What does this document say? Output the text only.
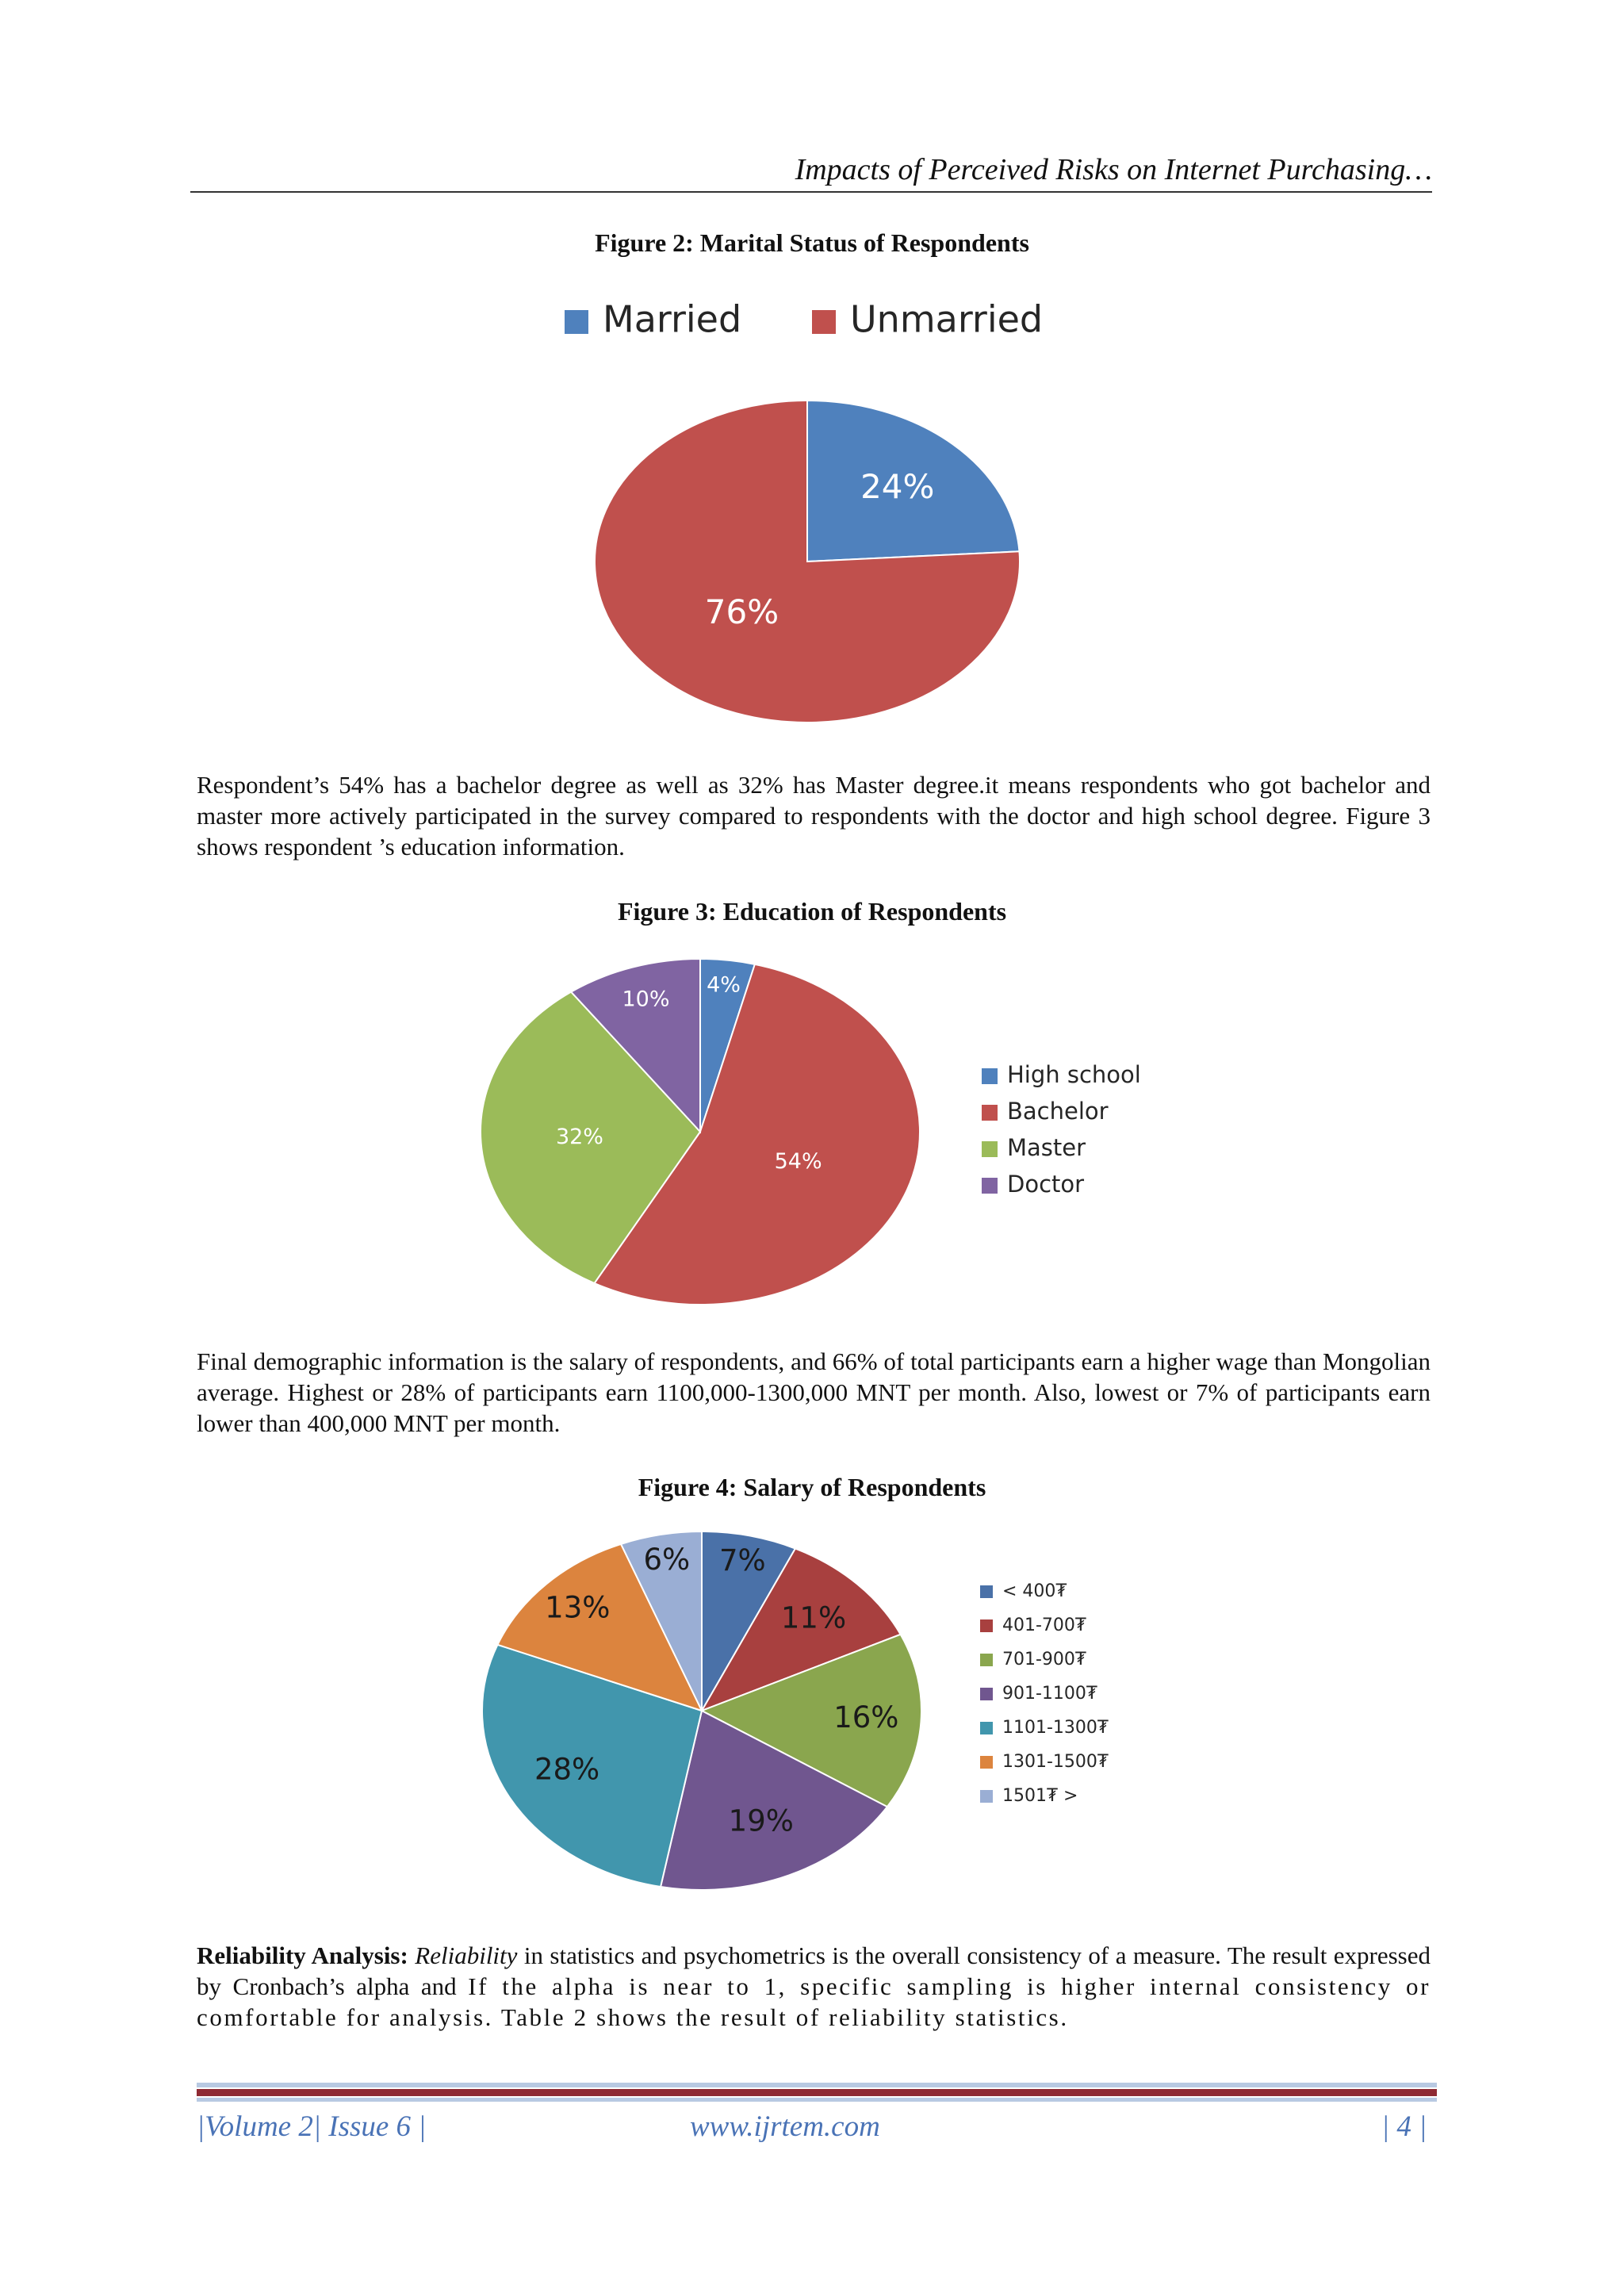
Impacts of Perceived Risks on Internet Purchasing…
Figure 2: Marital Status of Respondents
24%
76%
Married	Unmarried
4%
54%
32%
10%
High school
Bachelor
Master
Doctor
7%
11%
16%
19%
28%
13%
6%
< 400₮
401-700₮
701-900₮
901-1100₮
1101-1300₮
1301-1500₮
1501₮ >
Respondent’s 54% has a bachelor degree as well as 32% has Master degree.it means respondents who got bachelor and master more actively participated in the survey compared to respondents with the doctor and high school degree. Figure 3 shows respondent ’s education information.
Figure 3: Education of Respondents
Final demographic information is the salary of respondents, and 66% of total participants earn a higher wage than Mongolian average. Highest or 28% of participants earn 1100,000-1300,000 MNT per month. Also, lowest or 7% of participants earn lower than 400,000 MNT per month.
Figure 4: Salary of Respondents
Reliability Analysis: Reliability in statistics and psychometrics is the overall consistency of a measure. The result expressed by Cronbach’s alpha and If the alpha is near to 1, specific sampling is higher internal consistency or comfortable for analysis. Table 2 shows the result of reliability statistics.
|Volume 2| Issue 6 |	www.ijrtem.com	| 4 |
